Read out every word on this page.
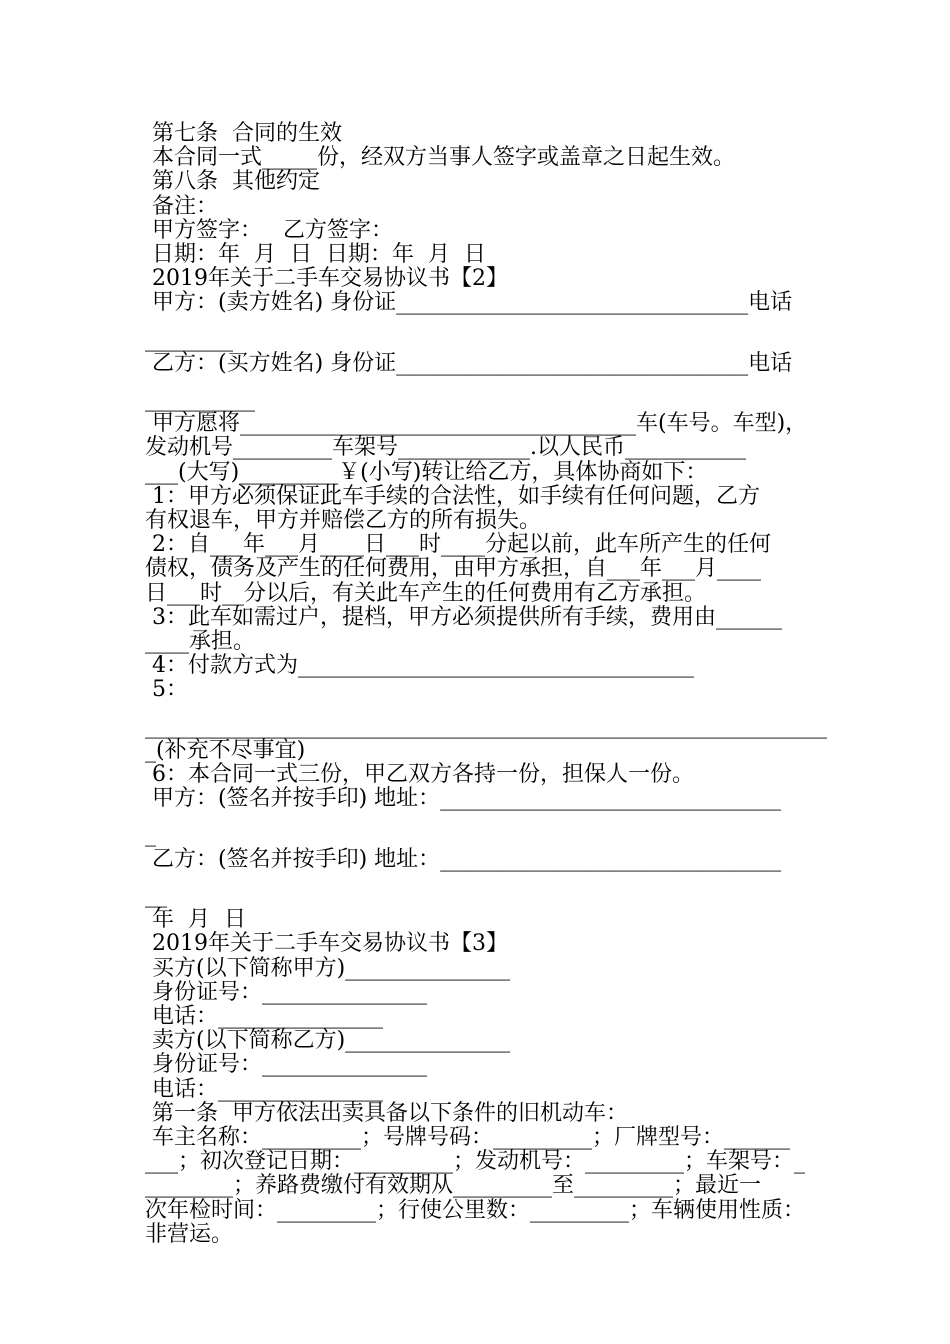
第七条  合同的生效
本合同一式_____份，经双方当事人签字或盖章之日起生效。
第八条  其他约定
备注：
甲方签字：   乙方签字：
日期：年  月  日  日期：年  月  日
2019年关于二手车交易协议书【2】
甲方：(卖方姓名) 身份证________________________________电话
________
乙方：(买方姓名) 身份证________________________________电话
__________
甲方愿将____________________________________车(车号。车型)，
发动机号_________车架号____________.以人民币___________
___(大写)_________￥(小写)转让给乙方，具体协商如下：
1：甲方必须保证此车手续的合法性，如手续有任何问题，乙方
有权退车，甲方并赔偿乙方的所有损失。
2：自___年___月____日___时____分起以前，此车所产生的任何
债权，债务及产生的任何费用，由甲方承担，自___年___月____
日___时__分以后，有关此车产生的任何费用有乙方承担。
3：此车如需过户，提档，甲方必须提供所有手续，费用由______
____承担。
4：付款方式为____________________________________
5：
______________________________________________________________
_(补充不尽事宜)
6：本合同一式三份，甲乙双方各持一份，担保人一份。
甲方：(签名并按手印) 地址：_______________________________
_
乙方：(签名并按手印) 地址：_______________________________
__
年  月  日
2019年关于二手车交易协议书【3】
买方(以下简称甲方)_______________
身份证号：_______________
电话：_______________
卖方(以下简称乙方)_______________
身份证号：_______________
电话：_______________
第一条  甲方依法出卖具备以下条件的旧机动车：
车主名称：_________；号牌号码：_________；厂牌型号：______
___；初次登记日期：_________；发动机号：_________；车架号：_
________；养路费缴付有效期从_________至_________；最近一
次年检时间：_________；行使公里数：_________；车辆使用性质：
非营运。
